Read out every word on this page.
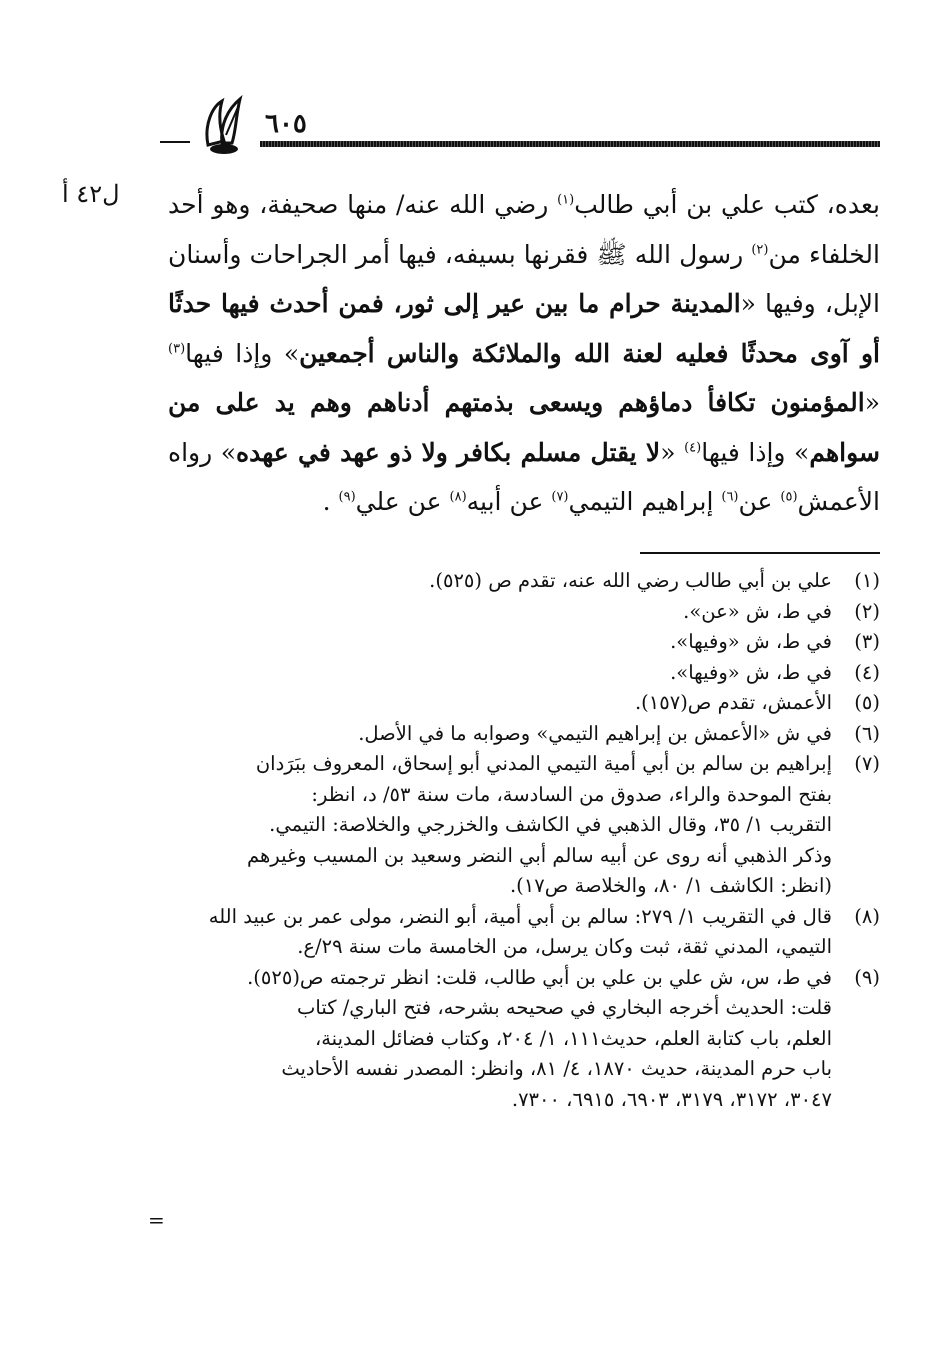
٦٠٥
ل٤٢ أ	بعده، كتب علي بن أبي طالب$^{(١)}$ رضي الله عنه/ منها صحيفة، وهو أحد الخلفاء من$^{(٢)}$ رسول الله ﷺ فقرنها بسيفه، فيها أمر الجراحات وأسنان الإبل، وفيها «المدينة حرام ما بين عير إلى ثور، فمن أحدث فيها حدثًا أو آوى محدثًا فعليه لعنة الله والملائكة والناس أجمعين» وإذا فيها$^{(٣)}$ «المؤمنون تكافأ دماؤهم ويسعى بذمتهم أدناهم وهم يد على من سواهم» وإذا فيها$^{(٤)}$ «لا يقتل مسلم بكافر ولا ذو عهد في عهده» رواه الأعمش$^{(٥)}$ عن$^{(٦)}$ إبراهيم التيمي$^{(٧)}$ عن أبيه$^{(٨)}$ عن علي$^{(٩)}$ .

(١)
علي بن أبي طالب رضي الله عنه، تقدم ص (٥٢٥).
(٢)
في ط، ش «عن».
(٣)
في ط، ش «وفيها».
(٤)
في ط، ش «وفيها».
(٥)
الأعمش، تقدم ص(١٥٧).
(٦)
في ش «الأعمش بن إبراهيم التيمي» وصوابه ما في الأصل.
(٧)
إبراهيم بن سالم بن أبي أمية التيمي المدني أبو إسحاق، المعروف ببَرَدان
بفتح الموحدة والراء، صدوق من السادسة، مات سنة ٥٣/ د، انظر:
التقريب ١/ ٣٥، وقال الذهبي في الكاشف والخزرجي والخلاصة: التيمي.
وذكر الذهبي أنه روى عن أبيه سالم أبي النضر وسعيد بن المسيب وغيرهم
(انظر: الكاشف ١/ ٨٠، والخلاصة ص١٧).
(٨)
قال في التقريب ١/ ٢٧٩: سالم بن أبي أمية، أبو النضر، مولى عمر بن عبيد الله
التيمي، المدني ثقة، ثبت وكان يرسل، من الخامسة مات سنة ٢٩/ع.
(٩)
في ط، س، ش علي بن علي بن أبي طالب، قلت: انظر ترجمته ص(٥٢٥).
قلت: الحديث أخرجه البخاري في صحيحه بشرحه، فتح الباري/ كتاب
العلم، باب كتابة العلم، حديث١١١، ١/ ٢٠٤، وكتاب فضائل المدينة،
باب حرم المدينة، حديث ١٨٧٠، ٤/ ٨١، وانظر: المصدر نفسه الأحاديث
٣٠٤٧، ٣١٧٢، ٣١٧٩، ٦٩٠٣، ٦٩١٥، ٧٣٠٠.
=
